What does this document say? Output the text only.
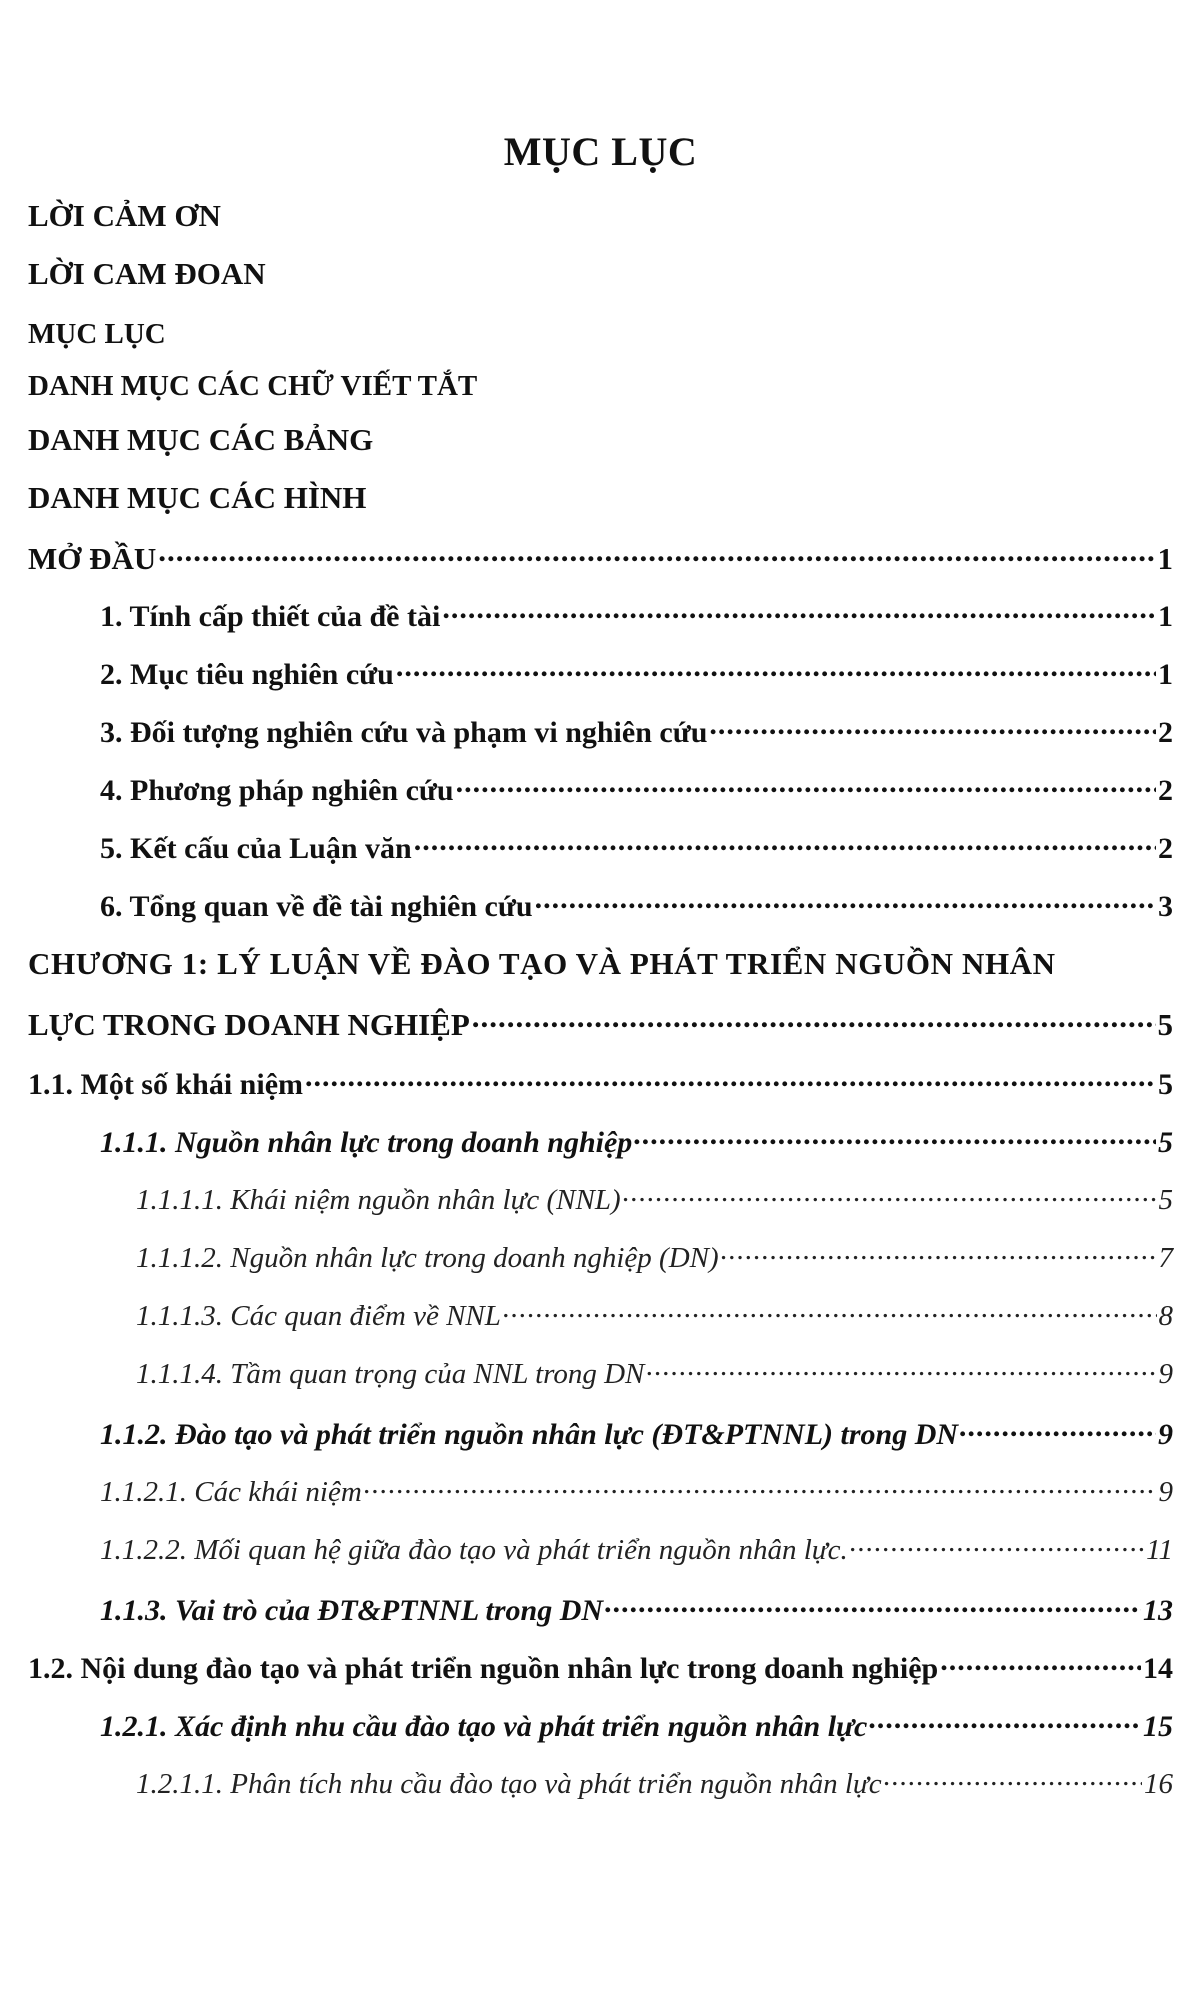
MỤC LỤC
LỜI CẢM ƠN
LỜI CAM ĐOAN
MỤC LỤC
DANH MỤC CÁC CHỮ VIẾT TẮT
DANH MỤC CÁC BẢNG
DANH MỤC CÁC HÌNH
MỞ ĐẦU .....	1
1. Tính cấp thiết của đề tài .....	1
2. Mục tiêu nghiên cứu .....	1
3. Đối tượng nghiên cứu và phạm vi nghiên cứu .....	2
4. Phương pháp nghiên cứu .....	2
5. Kết cấu của Luận văn .....	2
6. Tổng quan về đề tài nghiên cứu .....	3
CHƯƠNG 1: LÝ LUẬN VỀ ĐÀO TẠO VÀ PHÁT TRIỂN NGUỒN NHÂN
LỰC TRONG DOANH NGHIỆP .....	5
1.1. Một số khái niệm .....	5
1.1.1. Nguồn nhân lực trong doanh nghiệp .....	5
1.1.1.1. Khái niệm nguồn nhân lực (NNL) .....	5
1.1.1.2. Nguồn nhân lực trong doanh nghiệp (DN) .....	7
1.1.1.3. Các quan điểm về NNL .....	8
1.1.1.4. Tầm quan trọng của NNL trong DN .....	9
1.1.2. Đào tạo và phát triển nguồn nhân lực (ĐT&PTNNL) trong DN .....	9
1.1.2.1. Các khái niệm .....	9
1.1.2.2. Mối quan hệ giữa đào tạo và phát triển nguồn nhân lực. .....	11
1.1.3. Vai trò của ĐT&PTNNL trong DN .....	13
1.2. Nội dung đào tạo và phát triển nguồn nhân lực trong doanh nghiệp .....	14
1.2.1. Xác định nhu cầu đào tạo và phát triển nguồn nhân lực .....	15
1.2.1.1. Phân tích nhu cầu đào tạo và phát triển nguồn nhân lực .....	16
